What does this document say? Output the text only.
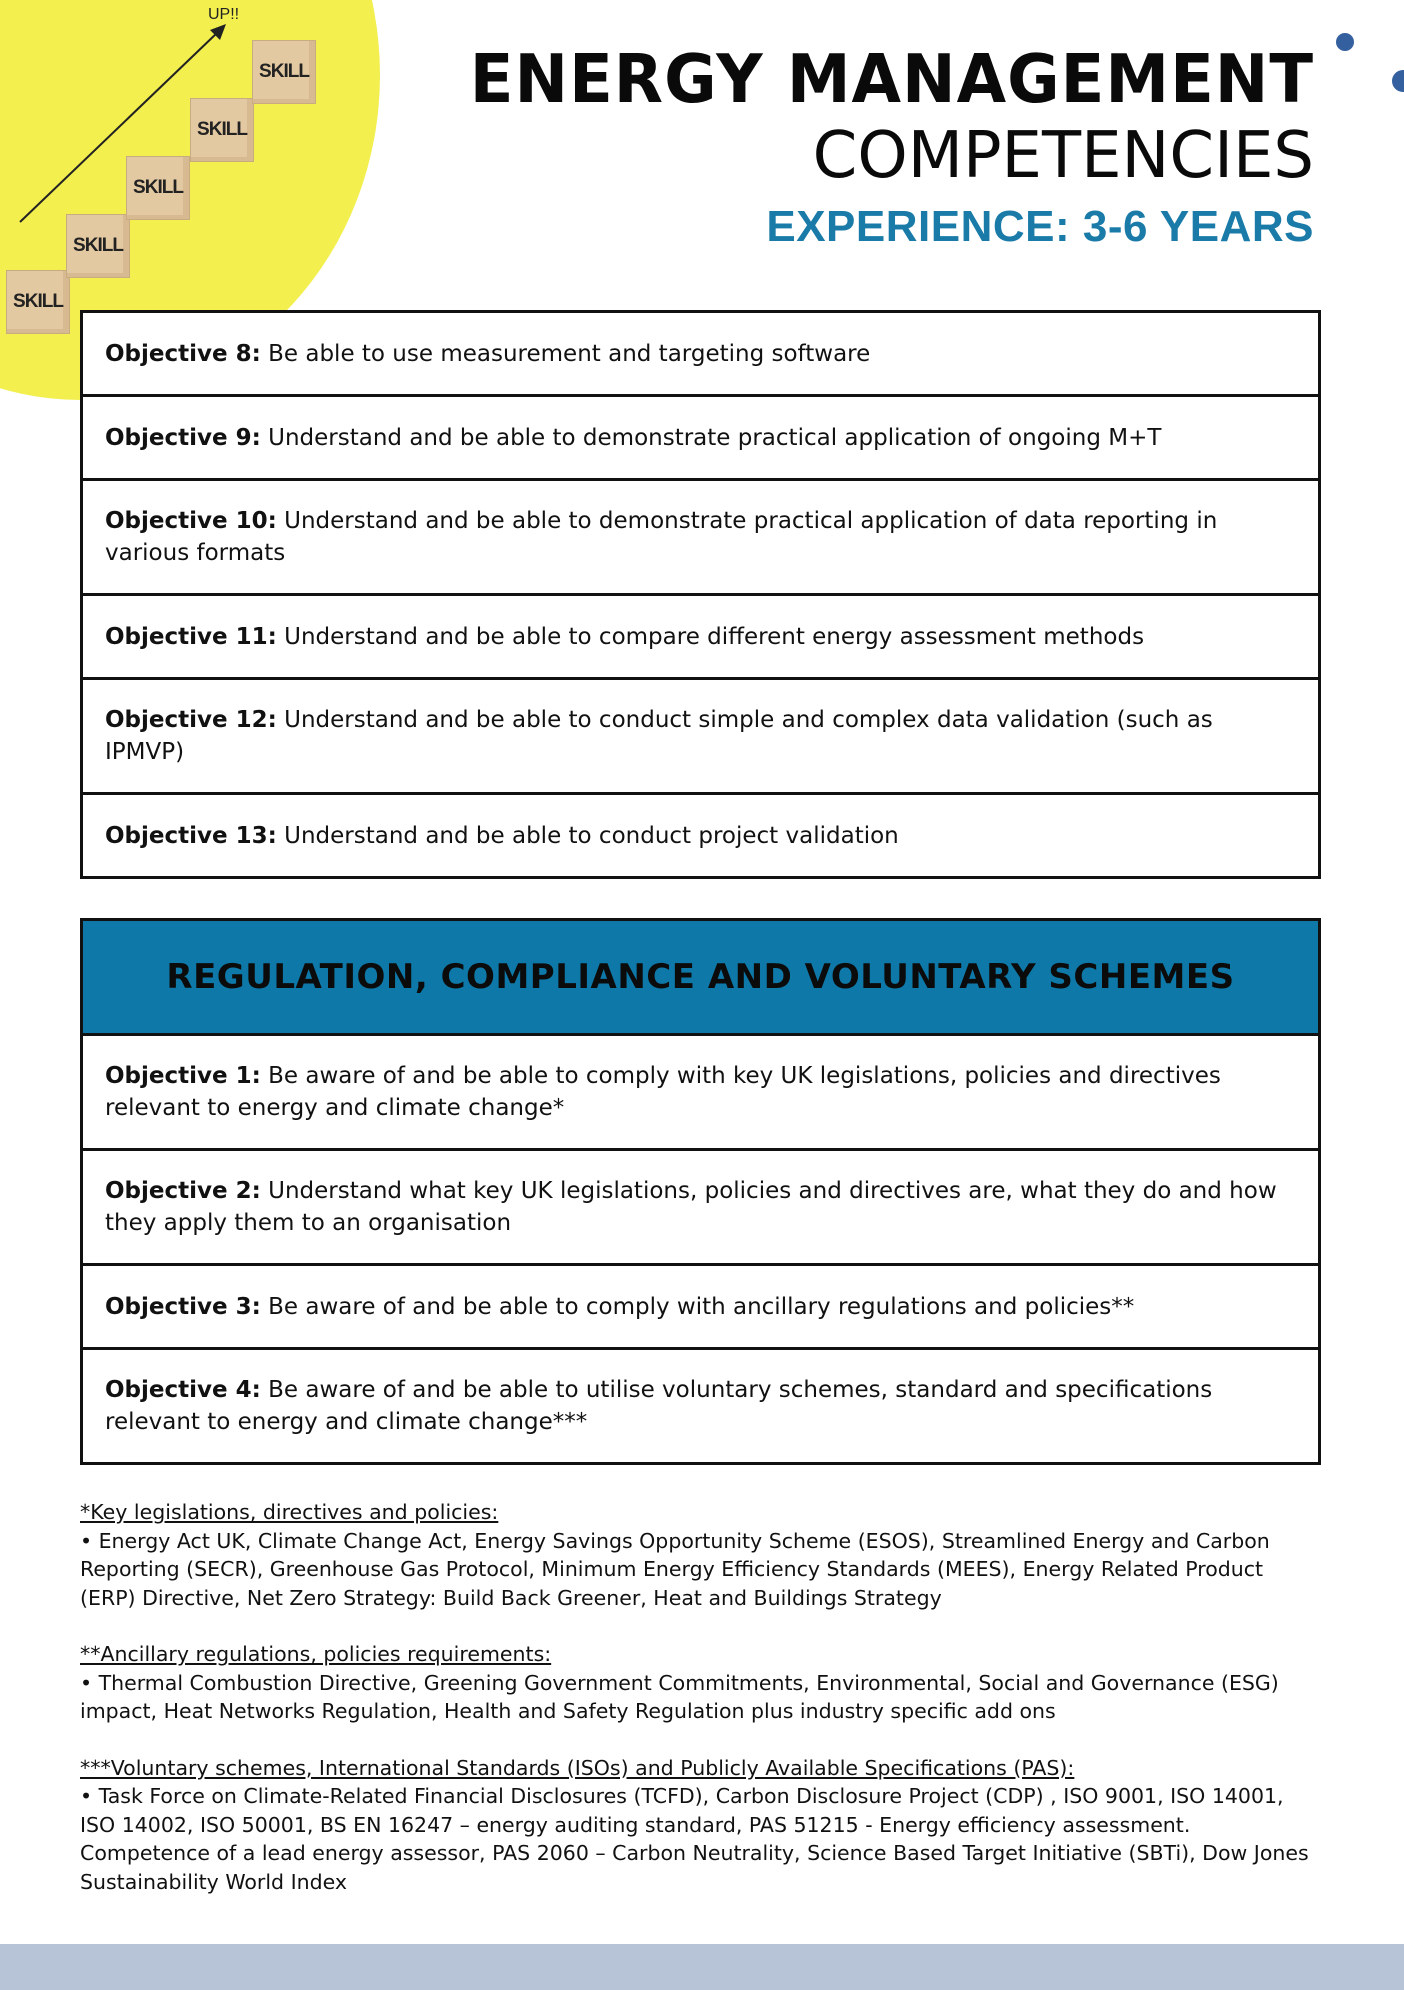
UP!!
SKILL
SKILL
SKILL
SKILL
SKILL	ENERGY MANAGEMENT
COMPETENCIES
EXPERIENCE: 3-6 YEARS
Objective 8: Be able to use measurement and targeting software
Objective 9: Understand and be able to demonstrate practical application of ongoing M+T
Objective 10: Understand and be able to demonstrate practical application of data reporting in various formats
Objective 11: Understand and be able to compare different energy assessment methods
Objective 12: Understand and be able to conduct simple and complex data validation (such as IPMVP)
Objective 13: Understand and be able to conduct project validation
REGULATION, COMPLIANCE AND VOLUNTARY SCHEMES
Objective 1: Be aware of and be able to comply with key UK legislations, policies and directives relevant to energy and climate change*
Objective 2: Understand what key UK legislations, policies and directives are, what they do and how they apply them to an organisation
Objective 3: Be aware of and be able to comply with ancillary regulations and policies**
Objective 4: Be aware of and be able to utilise voluntary schemes, standard and specifications relevant to energy and climate change***
*Key legislations, directives and policies:
• Energy Act UK, Climate Change Act, Energy Savings Opportunity Scheme (ESOS), Streamlined Energy and Carbon Reporting (SECR), Greenhouse Gas Protocol, Minimum Energy Efficiency Standards (MEES), Energy Related Product (ERP) Directive, Net Zero Strategy: Build Back Greener, Heat and Buildings Strategy
**Ancillary regulations, policies requirements:
• Thermal Combustion Directive, Greening Government Commitments, Environmental, Social and Governance (ESG) impact, Heat Networks Regulation, Health and Safety Regulation plus industry specific add ons
***Voluntary schemes, International Standards (ISOs) and Publicly Available Specifications (PAS):
• Task Force on Climate-Related Financial Disclosures (TCFD), Carbon Disclosure Project (CDP) , ISO 9001, ISO 14001, ISO 14002, ISO 50001, BS EN 16247 – energy auditing standard, PAS 51215 - Energy efficiency assessment. Competence of a lead energy assessor, PAS 2060 – Carbon Neutrality, Science Based Target Initiative (SBTi), Dow Jones Sustainability World Index
